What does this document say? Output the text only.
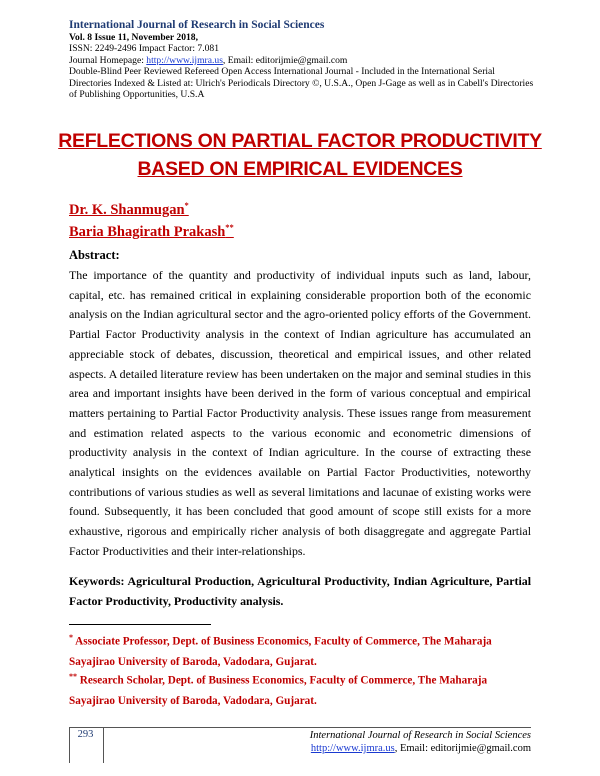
International Journal of Research in Social Sciences
Vol. 8 Issue 11, November 2018,
ISSN: 2249-2496 Impact Factor: 7.081
Journal Homepage: http://www.ijmra.us, Email: editorijmie@gmail.com
Double-Blind Peer Reviewed Refereed Open Access International Journal - Included in the International Serial Directories Indexed & Listed at: Ulrich's Periodicals Directory ©, U.S.A., Open J-Gage as well as in Cabell's Directories of Publishing Opportunities, U.S.A
REFLECTIONS ON PARTIAL FACTOR PRODUCTIVITY
BASED ON EMPIRICAL EVIDENCES
Dr. K. Shanmugan*
Baria Bhagirath Prakash**
Abstract:
The importance of the quantity and productivity of individual inputs such as land, labour, capital, etc. has remained critical in explaining considerable proportion both of the economic analysis on the Indian agricultural sector and the agro-oriented policy efforts of the Government. Partial Factor Productivity analysis in the context of Indian agriculture has accumulated an appreciable stock of debates, discussion, theoretical and empirical issues, and other related aspects. A detailed literature review has been undertaken on the major and seminal studies in this area and important insights have been derived in the form of various conceptual and empirical matters pertaining to Partial Factor Productivity analysis. These issues range from measurement and estimation related aspects to the various economic and econometric dimensions of productivity analysis in the context of Indian agriculture. In the course of extracting these analytical insights on the evidences available on Partial Factor Productivities, noteworthy contributions of various studies as well as several limitations and lacunae of existing works were found. Subsequently, it has been concluded that good amount of scope still exists for a more exhaustive, rigorous and empirically richer analysis of both disaggregate and aggregate Partial Factor Productivities and their inter-relationships.
Keywords: Agricultural Production, Agricultural Productivity, Indian Agriculture, Partial Factor Productivity, Productivity analysis.
* Associate Professor, Dept. of Business Economics, Faculty of Commerce, The Maharaja Sayajirao University of Baroda, Vadodara, Gujarat.
** Research Scholar, Dept. of Business Economics, Faculty of Commerce, The Maharaja Sayajirao University of Baroda, Vadodara, Gujarat.
293	International Journal of Research in Social Sciences
http://www.ijmra.us, Email: editorijmie@gmail.com
